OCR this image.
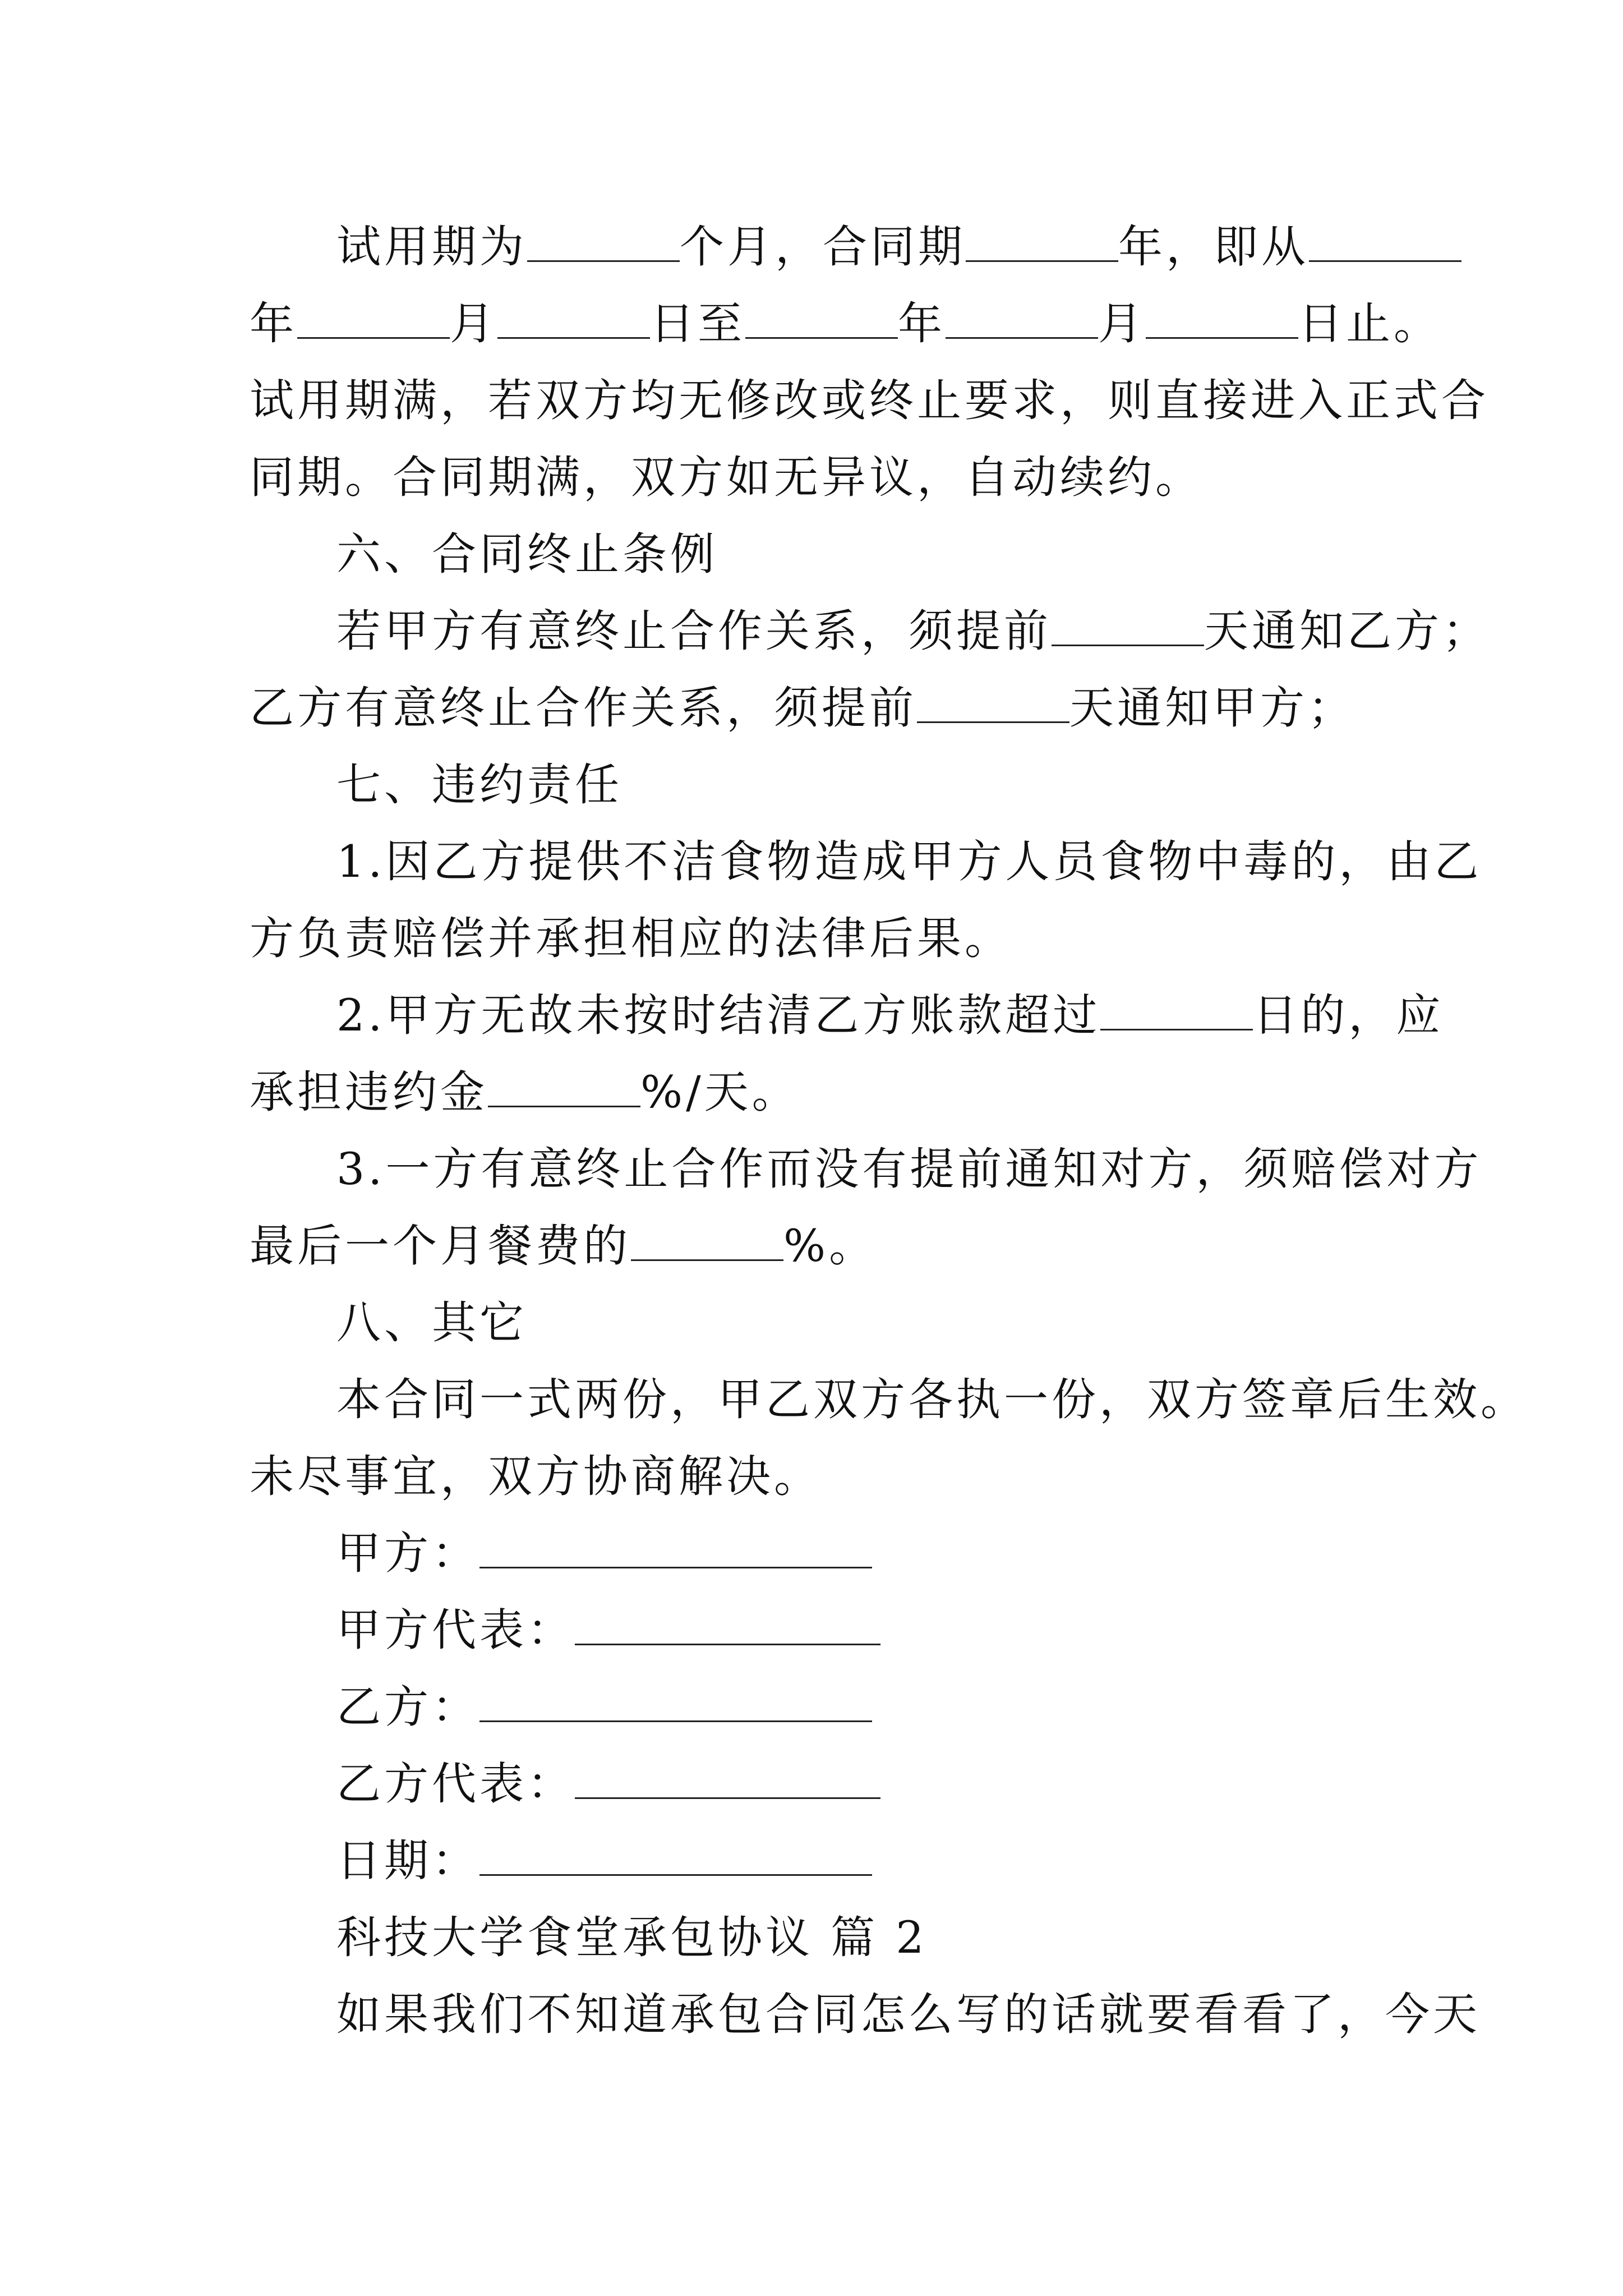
试用期为	个月，合同期	年，即从
年	月	日至	年	月	日止。
试用期满，若双方均无修改或终止要求，则直接进入正式合
同期。合同期满，双方如无异议，自动续约。
六、合同终止条例
若甲方有意终止合作关系，须提前	天通知乙方；
乙方有意终止合作关系，须提前	天通知甲方；
七、违约责任
1.因乙方提供不洁食物造成甲方人员食物中毒的，由乙
方负责赔偿并承担相应的法律后果。
2.甲方无故未按时结清乙方账款超过	日的，应
承担违约金	%/天。
3.一方有意终止合作而没有提前通知对方，须赔偿对方
最后一个月餐费的	%。
八、其它
本合同一式两份，甲乙双方各执一份，双方签章后生效。
未尽事宜，双方协商解决。
甲方：
甲方代表：
乙方：
乙方代表：
日期：
科技大学食堂承包协议 篇 2
如果我们不知道承包合同怎么写的话就要看看了，今天
